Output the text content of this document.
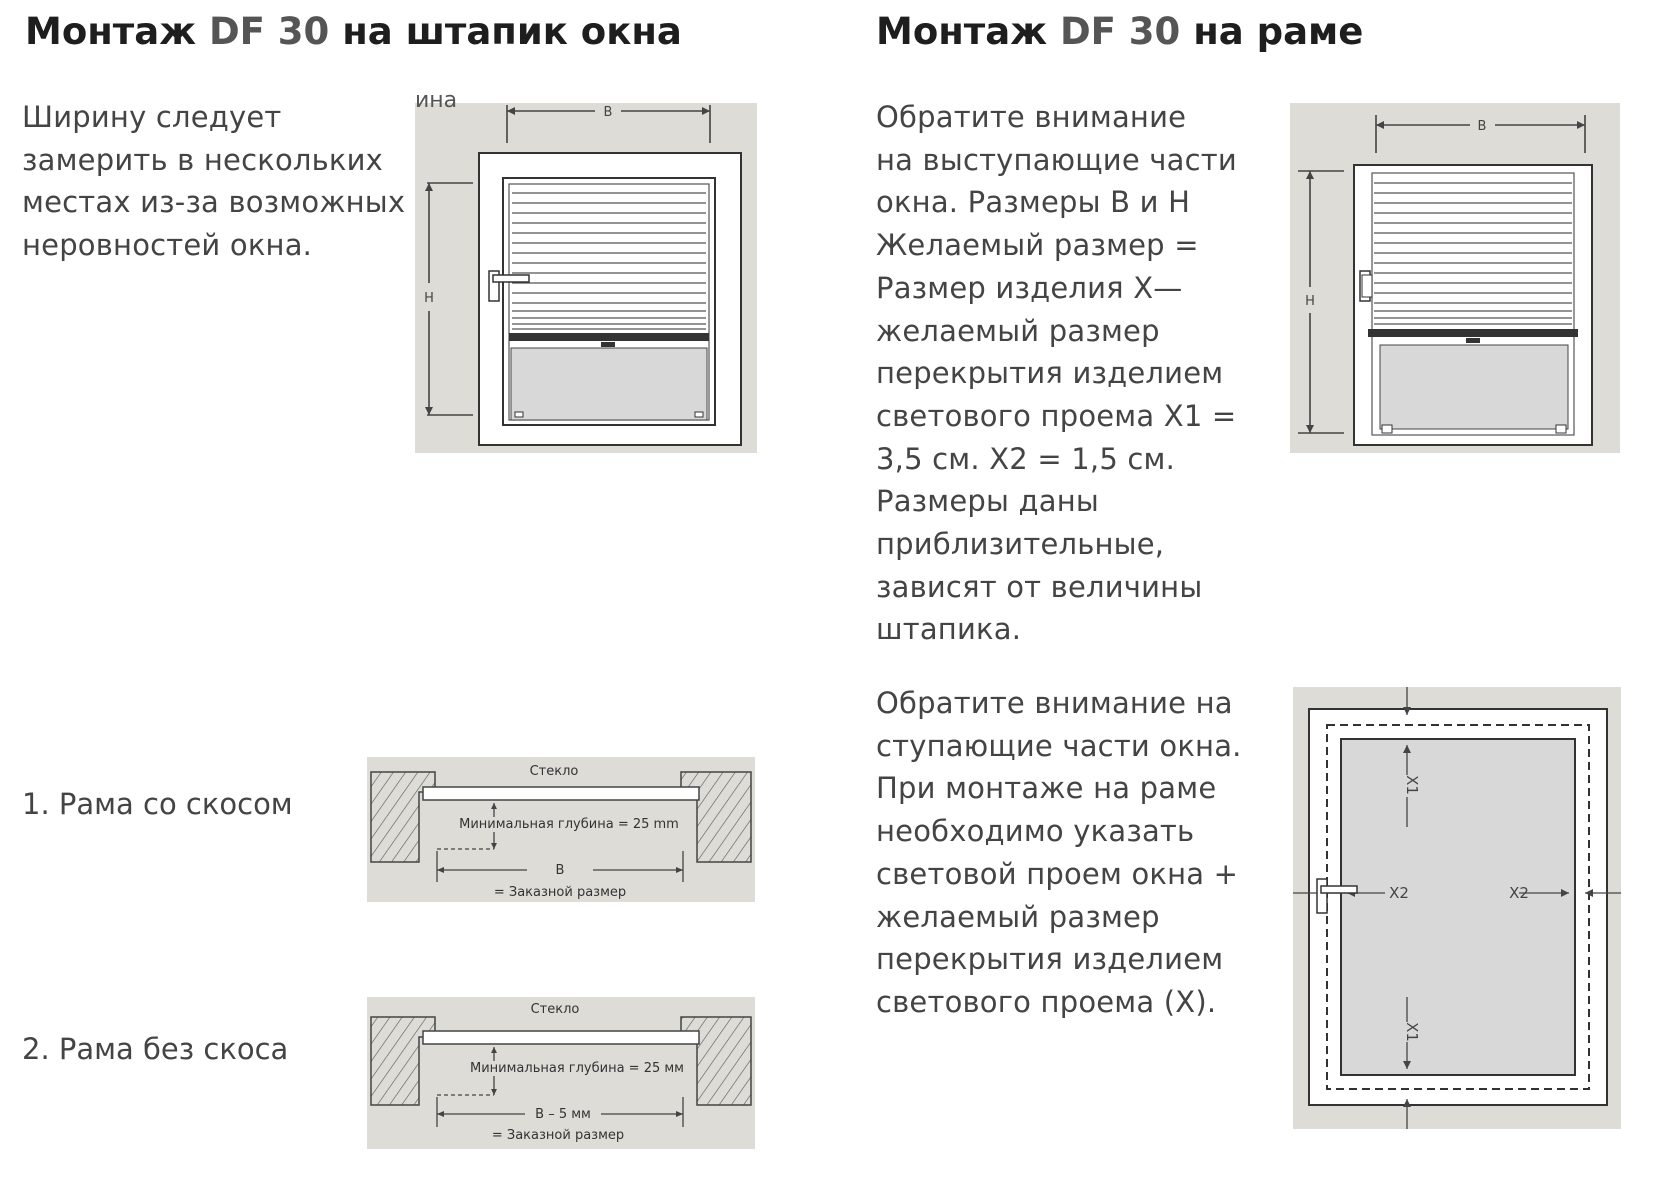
Монтаж DF 30 на штапик окна	Монтаж DF 30 на раме
Ширину следует
замерить в нескольких
местах из-за возможных
неровностей окна.
Обратите внимание
на выступающие части
окна. Размеры B и H
Желаемый размер =
Размер изделия X—
желаемый размер
перекрытия изделием
светового проема X1 =
3,5 см. X2 = 1,5 см.
Размеры даны
приблизительные,
зависят от величины
штапика.
Обратите внимание на
ступающие части окна.
При монтаже на раме
необходимо указать
световой проем окна +
желаемый размер
перекрытия изделием
светового проема (X).
1. Рама со скосом
2. Рама без скоса
ина	B
H
B
H
Стекло
Минимальная глубина = 25 mm
B
= Заказной размер
Стекло
Минимальная глубина = 25 мм
B – 5 мм
= Заказной размер
X1
X1
X2	X2
